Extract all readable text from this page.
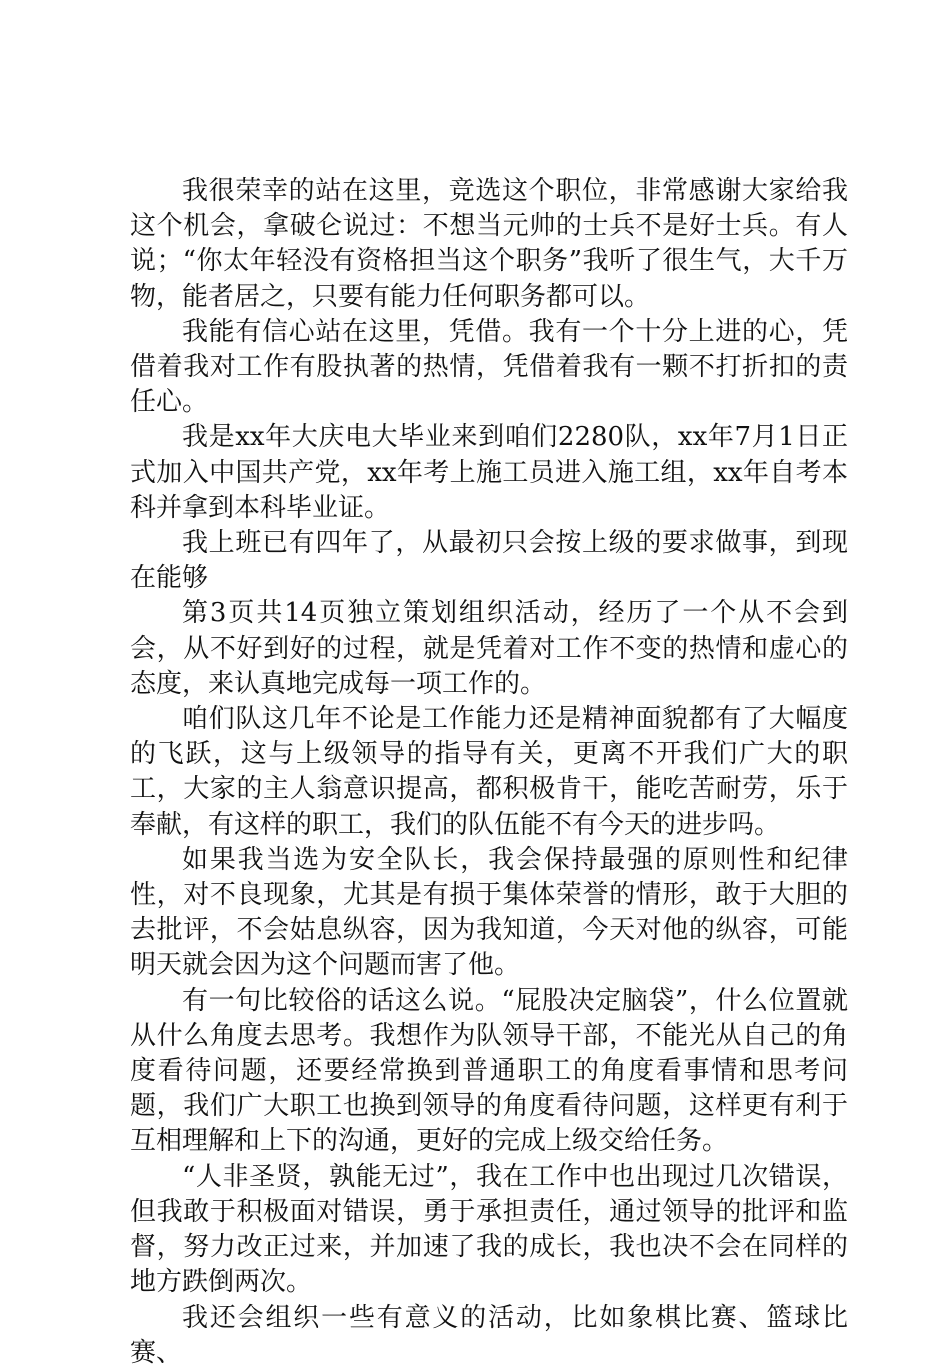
我很荣幸的站在这里，竞选这个职位，非常感谢大家给我这个机会，拿破仑说过：不想当元帅的士兵不是好士兵。有人说；“你太年轻没有资格担当这个职务”我听了很生气，大千万物，能者居之，只要有能力任何职务都可以。

我能有信心站在这里，凭借。我有一个十分上进的心，凭借着我对工作有股执著的热情，凭借着我有一颗不打折扣的责任心。

我是xx年大庆电大毕业来到咱们2280队，xx年7月1日正式加入中国共产党，xx年考上施工员进入施工组，xx年自考本科并拿到本科毕业证。

我上班已有四年了，从最初只会按上级的要求做事，到现在能够

第3页共14页独立策划组织活动，经历了一个从不会到会，从不好到好的过程，就是凭着对工作不变的热情和虚心的态度，来认真地完成每一项工作的。

咱们队这几年不论是工作能力还是精神面貌都有了大幅度的飞跃，这与上级领导的指导有关，更离不开我们广大的职工，大家的主人翁意识提高，都积极肯干，能吃苦耐劳，乐于奉献，有这样的职工，我们的队伍能不有今天的进步吗。

如果我当选为安全队长，我会保持最强的原则性和纪律性，对不良现象，尤其是有损于集体荣誉的情形，敢于大胆的去批评，不会姑息纵容，因为我知道，今天对他的纵容，可能明天就会因为这个问题而害了他。

有一句比较俗的话这么说。“屁股决定脑袋”，什么位置就从什么角度去思考。我想作为队领导干部，不能光从自己的角度看待问题，还要经常换到普通职工的角度看事情和思考问题，我们广大职工也换到领导的角度看待问题，这样更有利于互相理解和上下的沟通，更好的完成上级交给任务。

“人非圣贤，孰能无过”，我在工作中也出现过几次错误，但我敢于积极面对错误，勇于承担责任，通过领导的批评和监督，努力改正过来，并加速了我的成长，我也决不会在同样的地方跌倒两次。

我还会组织一些有意义的活动，比如象棋比赛、篮球比赛、
